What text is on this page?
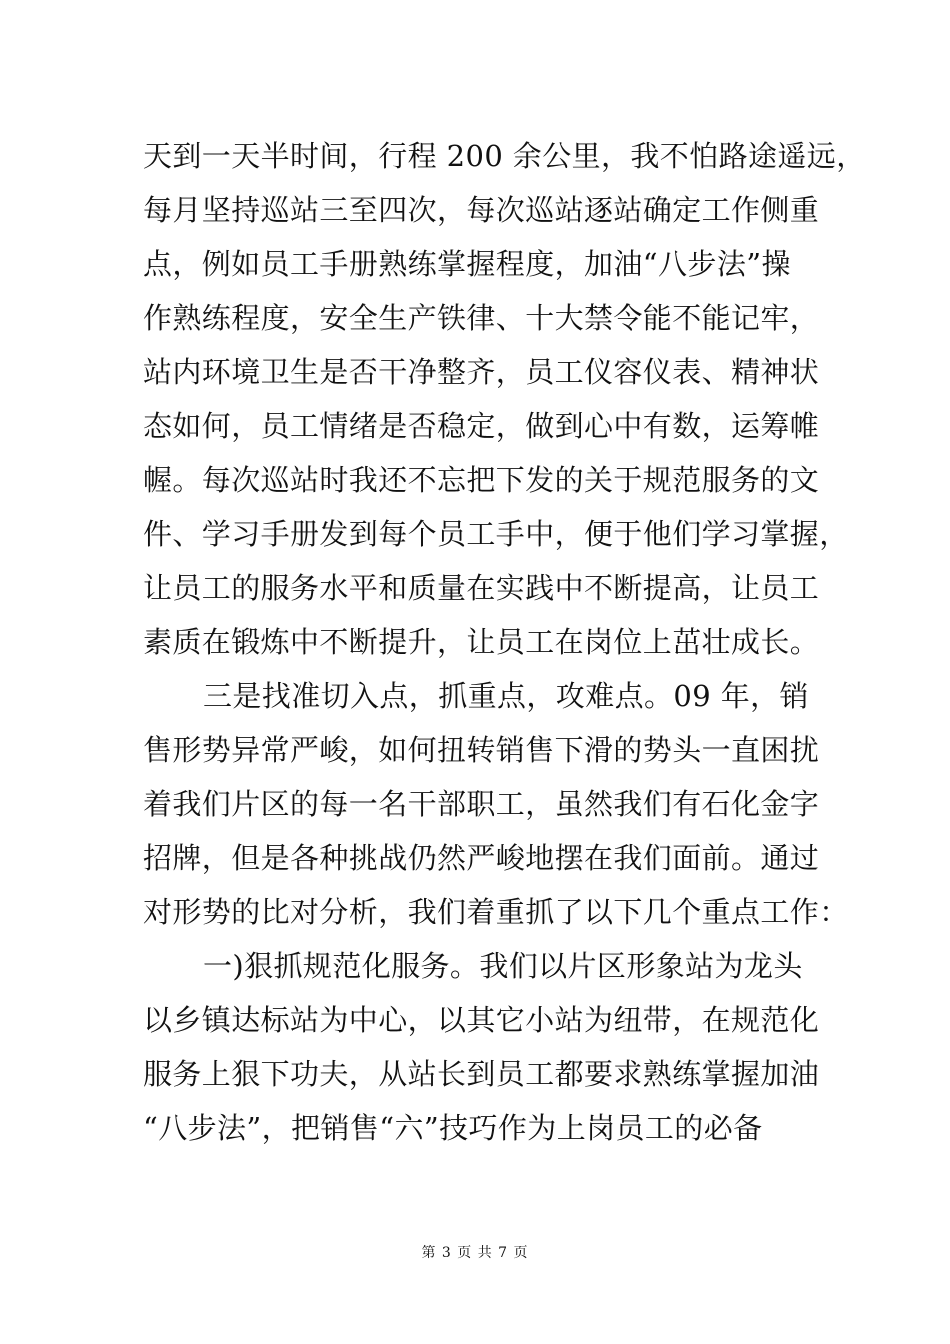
天到一天半时间，行程 200 余公里，我不怕路途遥远，
每月坚持巡站三至四次，每次巡站逐站确定工作侧重
点，例如员工手册熟练掌握程度，加油“八步法”操
作熟练程度，安全生产铁律、十大禁令能不能记牢，
站内环境卫生是否干净整齐，员工仪容仪表、精神状
态如何，员工情绪是否稳定，做到心中有数，运筹帷
幄。每次巡站时我还不忘把下发的关于规范服务的文
件、学习手册发到每个员工手中，便于他们学习掌握，
让员工的服务水平和质量在实践中不断提高，让员工
素质在锻炼中不断提升，让员工在岗位上茁壮成长。
三是找准切入点，抓重点，攻难点。09 年，销
售形势异常严峻，如何扭转销售下滑的势头一直困扰
着我们片区的每一名干部职工，虽然我们有石化金字
招牌，但是各种挑战仍然严峻地摆在我们面前。通过
对形势的比对分析，我们着重抓了以下几个重点工作：
一)狠抓规范化服务。我们以片区形象站为龙头
以乡镇达标站为中心，以其它小站为纽带，在规范化
服务上狠下功夫，从站长到员工都要求熟练掌握加油
“八步法”，把销售“六”技巧作为上岗员工的必备
第 3 页 共 7 页
